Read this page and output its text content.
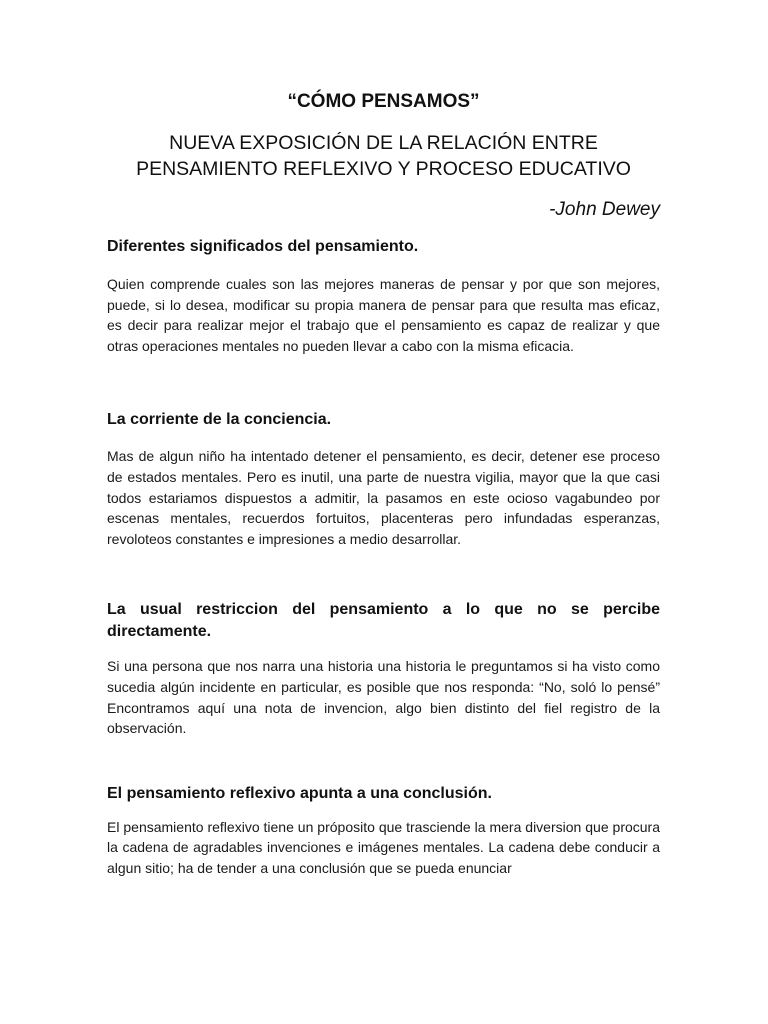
“CÓMO PENSAMOS”

NUEVA EXPOSICIÓN DE LA RELACIÓN ENTRE

PENSAMIENTO REFLEXIVO Y PROCESO EDUCATIVO

-John Dewey

Diferentes significados del pensamiento.

Quien comprende cuales son las mejores maneras de pensar y por que son mejores, puede, si lo desea, modificar su propia manera de pensar para que resulta mas eficaz, es decir para realizar mejor el trabajo que el pensamiento es capaz de realizar y que otras operaciones mentales no pueden llevar a cabo con la misma eficacia.

La corriente de la conciencia.

Mas de algun niño ha intentado detener el pensamiento, es decir, detener ese proceso de estados mentales. Pero es inutil, una parte de nuestra vigilia, mayor que la que casi todos estariamos dispuestos a admitir, la pasamos en este ocioso vagabundeo por escenas mentales, recuerdos fortuitos, placenteras pero infundadas esperanzas, revoloteos constantes e impresiones a medio desarrollar.

La usual restriccion del pensamiento a lo que no se percibe directamente.

Si una persona que nos narra una historia una historia le preguntamos si ha visto como sucedia algún incidente en particular, es posible que nos responda: “No, soló lo pensé” Encontramos aquí una nota de invencion, algo bien distinto del fiel registro de la observación.

El pensamiento reflexivo apunta a una conclusión.

El pensamiento reflexivo tiene un próposito que trasciende la mera diversion que procura la cadena de agradables invenciones e imágenes mentales. La cadena debe conducir a algun sitio; ha de tender a una conclusión que se pueda enunciar
